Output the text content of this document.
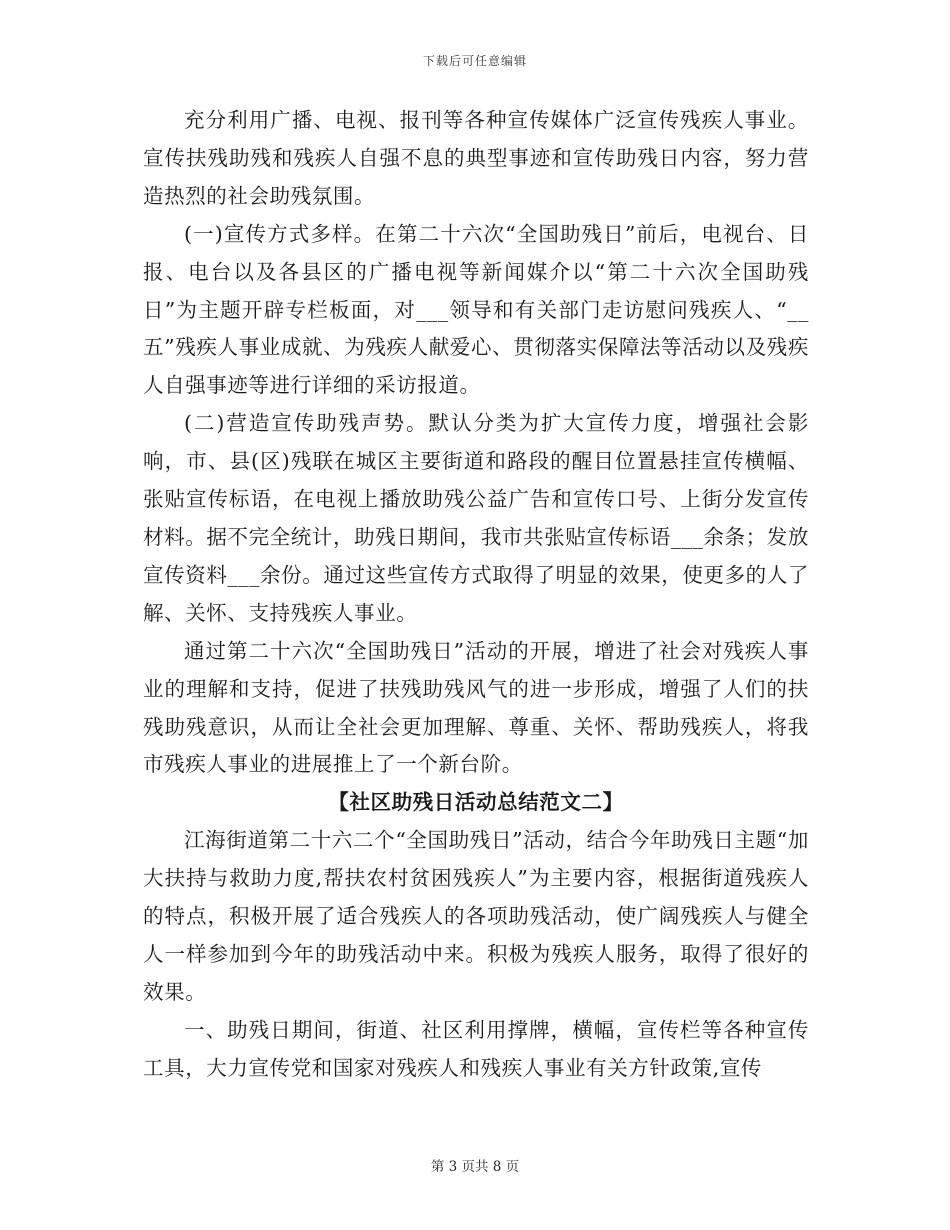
下载后可任意编辑

充分利用广播、电视、报刊等各种宣传媒体广泛宣传残疾人事业。宣传扶残助残和残疾人自强不息的典型事迹和宣传助残日内容，努力营造热烈的社会助残氛围。

(一)宣传方式多样。在第二十六次“全国助残日”前后，电视台、日报、电台以及各县区的广播电视等新闻媒介以“第二十六次全国助残日”为主题开辟专栏板面，对___领导和有关部门走访慰问残疾人、“__五”残疾人事业成就、为残疾人献爱心、贯彻落实保障法等活动以及残疾人自强事迹等进行详细的采访报道。

(二)营造宣传助残声势。默认分类为扩大宣传力度，增强社会影响，市、县(区)残联在城区主要街道和路段的醒目位置悬挂宣传横幅、张贴宣传标语，在电视上播放助残公益广告和宣传口号、上街分发宣传材料。据不完全统计，助残日期间，我市共张贴宣传标语___余条；发放宣传资料___余份。通过这些宣传方式取得了明显的效果，使更多的人了解、关怀、支持残疾人事业。

通过第二十六次“全国助残日”活动的开展，增进了社会对残疾人事业的理解和支持，促进了扶残助残风气的进一步形成，增强了人们的扶残助残意识，从而让全社会更加理解、尊重、关怀、帮助残疾人，将我市残疾人事业的进展推上了一个新台阶。

【社区助残日活动总结范文二】

江海街道第二十六二个“全国助残日”活动，结合今年助残日主题“加大扶持与救助力度,帮扶农村贫困残疾人”为主要内容，根据街道残疾人的特点，积极开展了适合残疾人的各项助残活动，使广阔残疾人与健全人一样参加到今年的助残活动中来。积极为残疾人服务，取得了很好的效果。

一、助残日期间，街道、社区利用撑牌，横幅，宣传栏等各种宣传工具，大力宣传党和国家对残疾人和残疾人事业有关方针政策,宣传

第 3 页共 8 页
